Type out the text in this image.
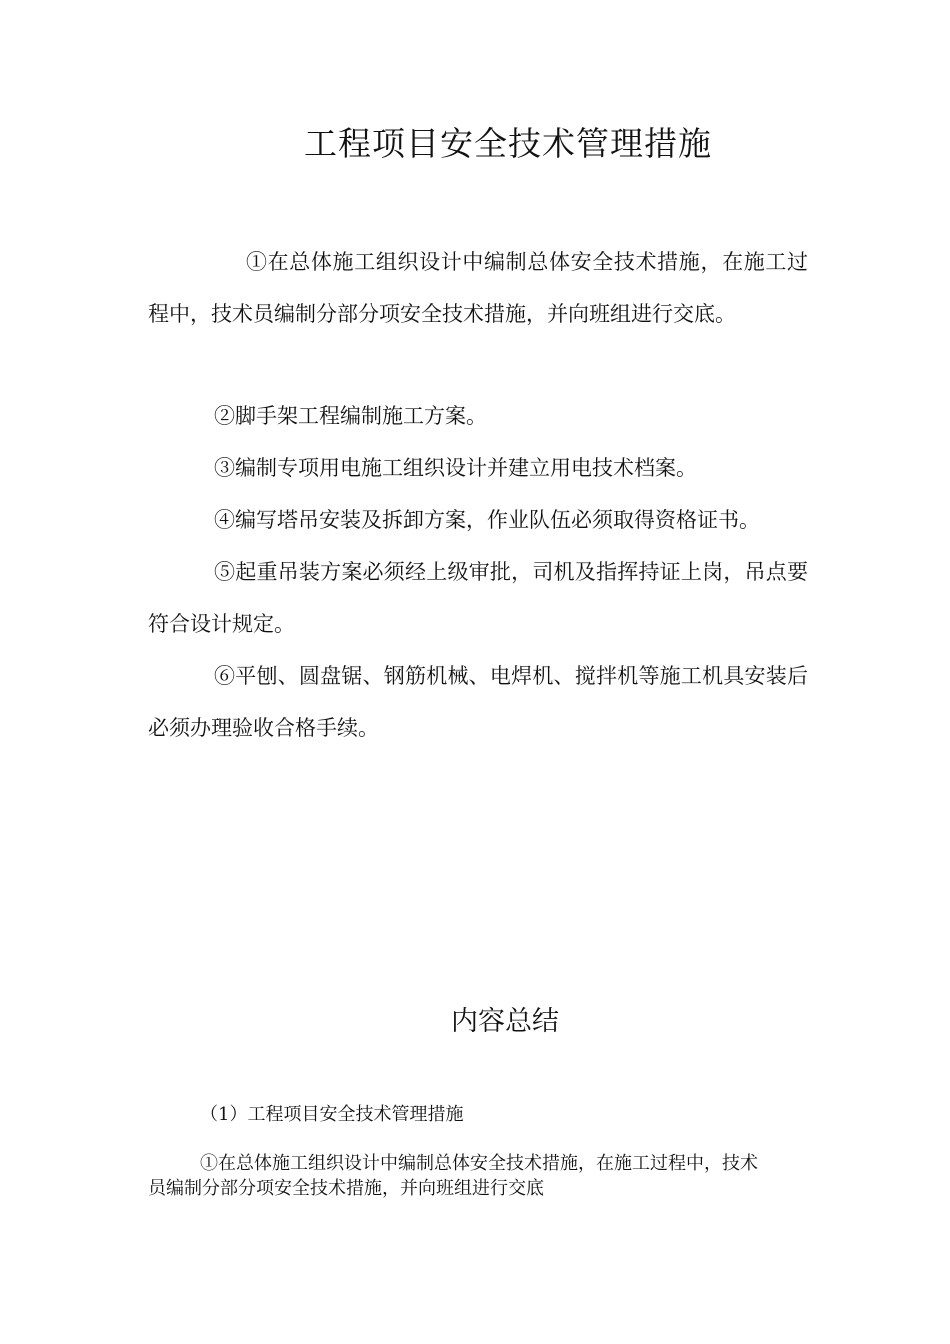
工程项目安全技术管理措施
①在总体施工组织设计中编制总体安全技术措施，在施工过程中，技术员编制分部分项安全技术措施，并向班组进行交底。
②脚手架工程编制施工方案。
③编制专项用电施工组织设计并建立用电技术档案。
④编写塔吊安装及拆卸方案，作业队伍必须取得资格证书。
⑤起重吊装方案必须经上级审批，司机及指挥持证上岗，吊点要符合设计规定。
⑥平刨、圆盘锯、钢筋机械、电焊机、搅拌机等施工机具安装后必须办理验收合格手续。
内容总结
（1）工程项目安全技术管理措施
①在总体施工组织设计中编制总体安全技术措施，在施工过程中，技术员编制分部分项安全技术措施，并向班组进行交底
